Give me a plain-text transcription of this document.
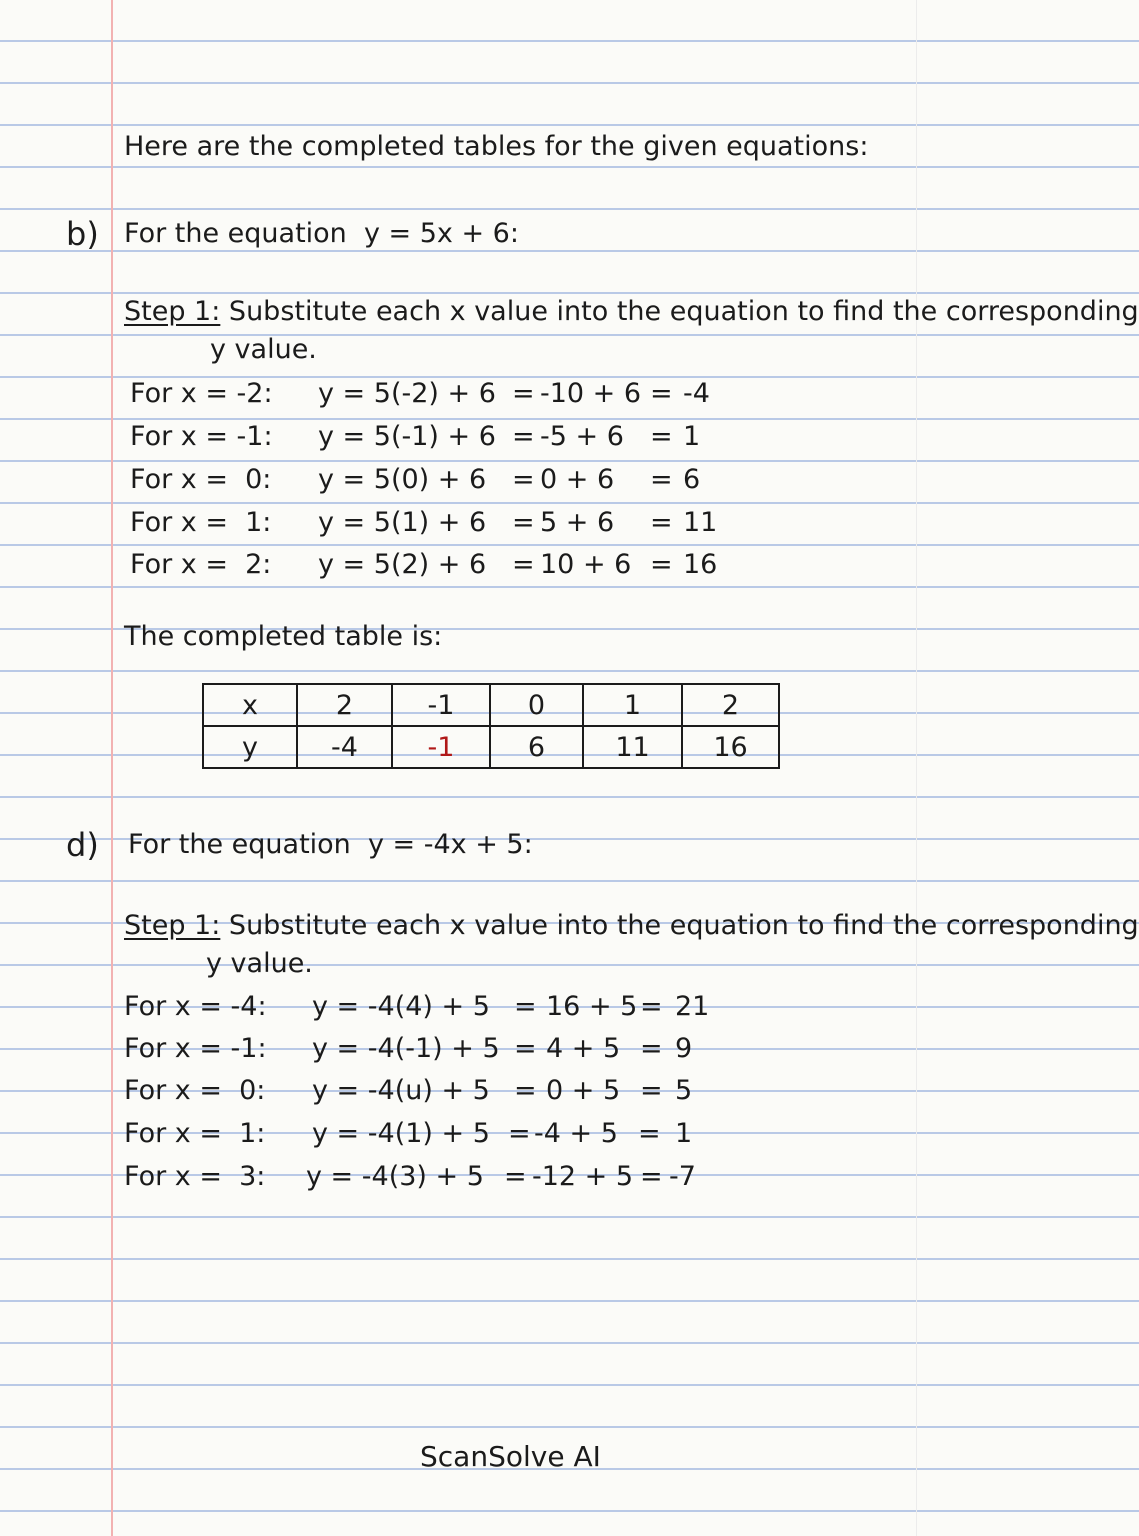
Here are the completed tables for the given equations:
b) For the equation  y = 5x + 6:
Step 1: Substitute each x value into the equation to find the corresponding
y value.
For x = -2: y = 5(-2) + 6 = -10 + 6 = -4
For x = -1: y = 5(-1) + 6 = -5 + 6 = 1
For x =  0: y = 5(0) + 6 = 0 + 6 = 6
For x =  1: y = 5(1) + 6 = 5 + 6 = 11
For x =  2: y = 5(2) + 6 = 10 + 6 = 16
The completed table is:
x	2	-1	0	1	2
y	-4	-1	6	11	16
d) For the equation  y = -4x + 5:
Step 1: Substitute each x value into the equation to find the corresponding
y value.
For x = -4: y = -4(4) + 5 = 16 + 5 = 21
For x = -1: y = -4(-1) + 5 = 4 + 5 = 9
For x =  0: y = -4(u) + 5 = 0 + 5 = 5
For x =  1: y = -4(1) + 5 = -4 + 5 = 1
For x =  3: y = -4(3) + 5 = -12 + 5 = -7
ScanSolve AI
